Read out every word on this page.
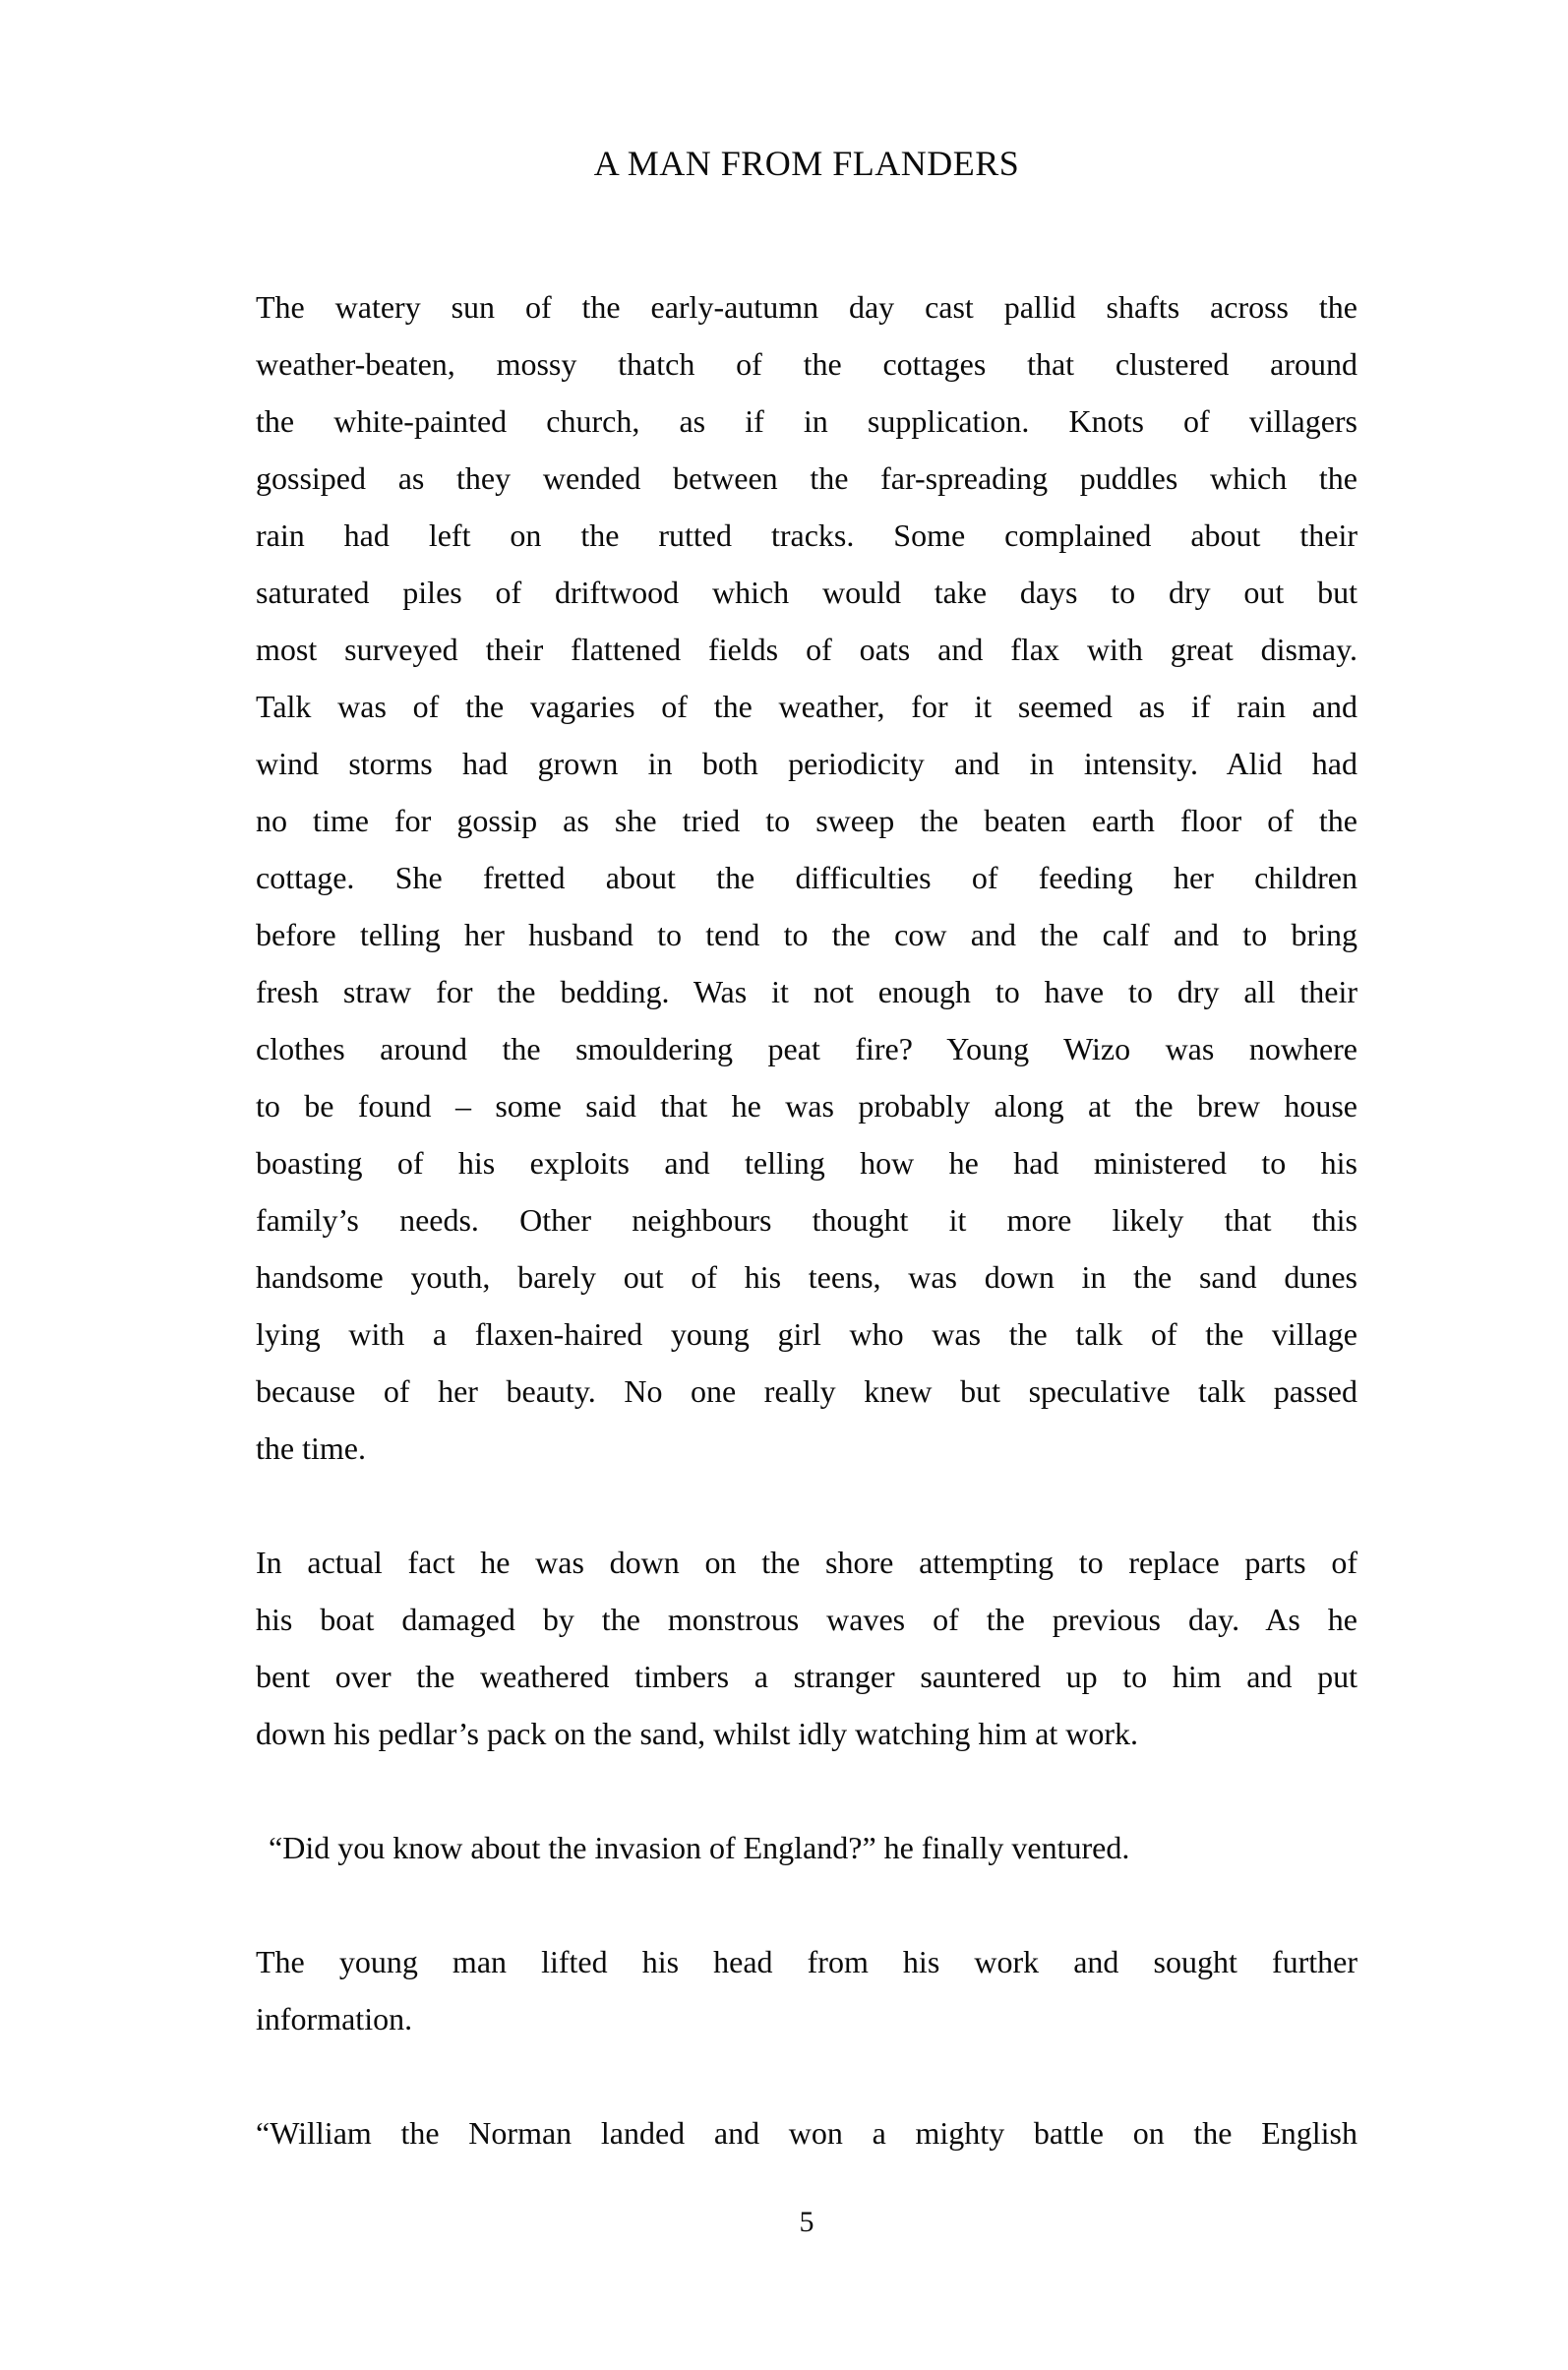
A MAN FROM FLANDERS
The watery sun of the early-autumn day cast pallid shafts across the
weather-beaten, mossy thatch of the cottages that clustered around
the white-painted church, as if in supplication. Knots of villagers
gossiped as they wended between the far-spreading puddles which the
rain had left on the rutted tracks. Some complained about their
saturated piles of driftwood which would take days to dry out but
most surveyed their flattened fields of oats and flax with great dismay.
Talk was of the vagaries of the weather, for it seemed as if rain and
wind storms had grown in both periodicity and in intensity. Alid had
no time for gossip as she tried to sweep the beaten earth floor of the
cottage. She fretted about the difficulties of feeding her children
before telling her husband to tend to the cow and the calf and to bring
fresh straw for the bedding. Was it not enough to have to dry all their
clothes around the smouldering peat fire? Young Wizo was nowhere
to be found – some said that he was probably along at the brew house
boasting of his exploits and telling how he had ministered to his
family’s needs. Other neighbours thought it more likely that this
handsome youth, barely out of his teens, was down in the sand dunes
lying with a flaxen-haired young girl who was the talk of the village
because of her beauty. No one really knew but speculative talk passed
the time.
In actual fact he was down on the shore attempting to replace parts of
his boat damaged by the monstrous waves of the previous day. As he
bent over the weathered timbers a stranger sauntered up to him and put
down his pedlar’s pack on the sand, whilst idly watching him at work.
“Did you know about the invasion of England?” he finally ventured.
The young man lifted his head from his work and sought further
information.
“William the Norman landed and won a mighty battle on the English
5
